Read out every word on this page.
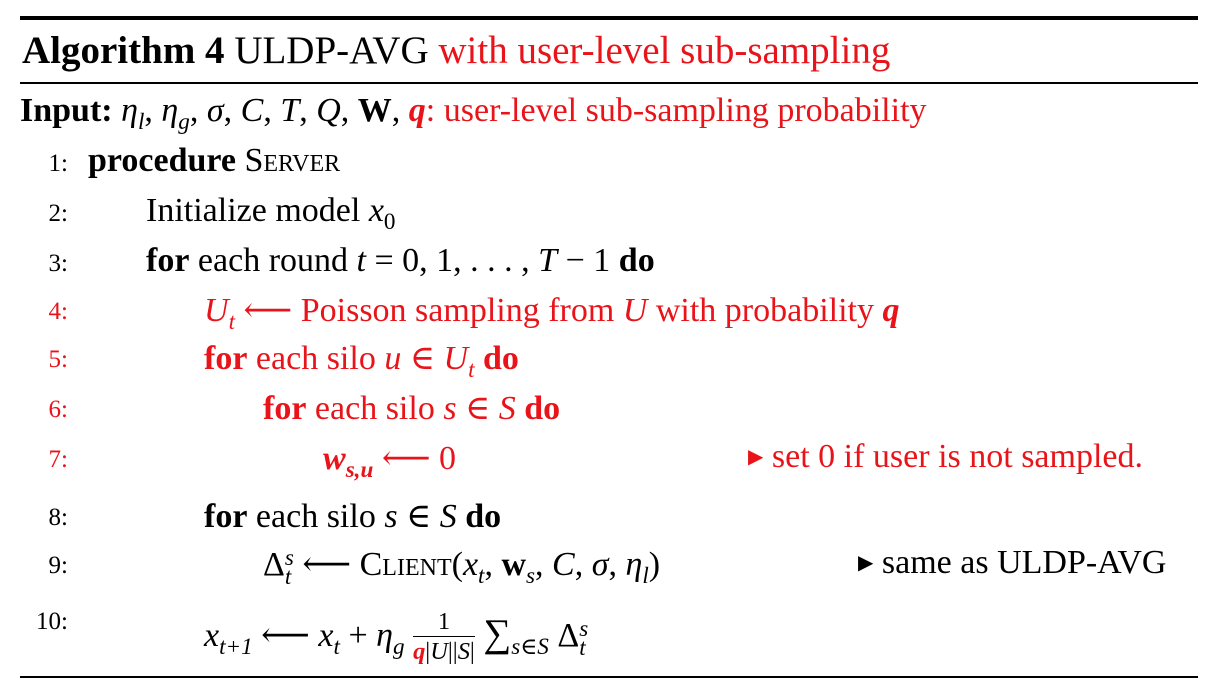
Algorithm 4 ULDP-AVG with user-level sub-sampling
Input: $\eta_l$, $\eta_g$, σ, C, T, Q, W, q: user-level sub-sampling probability
1: procedure Server
2: Initialize model $x_0$
3: for each round t = 0, 1, . . . , T − 1 do
4:	$U_t$ ⟵ Poisson sampling from U with probability q
5:	for each silo u ∈ $U_t$ do
6:	for each silo s ∈ S do
7:	$w_{s,u}$ ⟵ 0	▶ set 0 if user is not sampled.
8:	for each silo s ∈ S do
9:	Δ s
t ⟵ $Client(x_t$, $w_s$, C, σ, $\eta_l$)	▶ same as ULDP-AVG
10:	$x_{t+1}$ ⟵ $x_t + \eta_g \frac{1}{q|U||S|} \sum_{s\in S}$ Δ s
t
